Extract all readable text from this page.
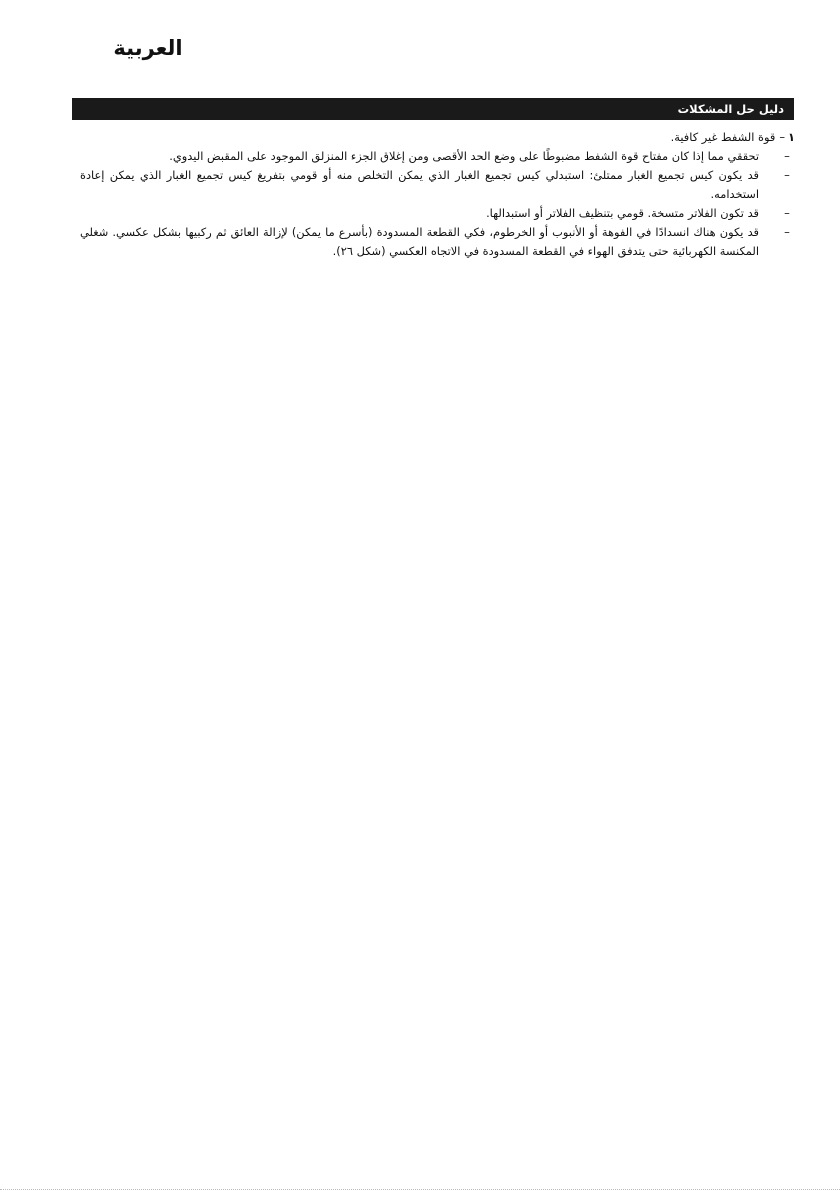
العربية
دليل حل المشكلات
١
–
قوة الشفط غير كافية.
–
تحققي مما إذا كان مفتاح قوة الشفط مضبوطًا على وضع الحد الأقصى ومن إغلاق الجزء المنزلق الموجود على المقبض اليدوي.
–
قد يكون كيس تجميع الغبار ممتلئ: استبدلي كيس تجميع الغبار الذي يمكن التخلص منه أو قومي بتفريغ كيس تجميع الغبار الذي يمكن إعادة استخدامه.
–
قد تكون الفلاتر متسخة. قومي بتنظيف الفلاتر أو استبدالها.
–
قد يكون هناك انسدادًا في الفوهة أو الأنبوب أو الخرطوم، فكي القطعة المسدودة (بأسرع ما يمكن) لإزالة العائق ثم ركبيها بشكل عكسي. شغلي المكنسة الكهربائية حتى يتدفق الهواء في القطعة المسدودة في الاتجاه العكسي (شكل ٢٦).
